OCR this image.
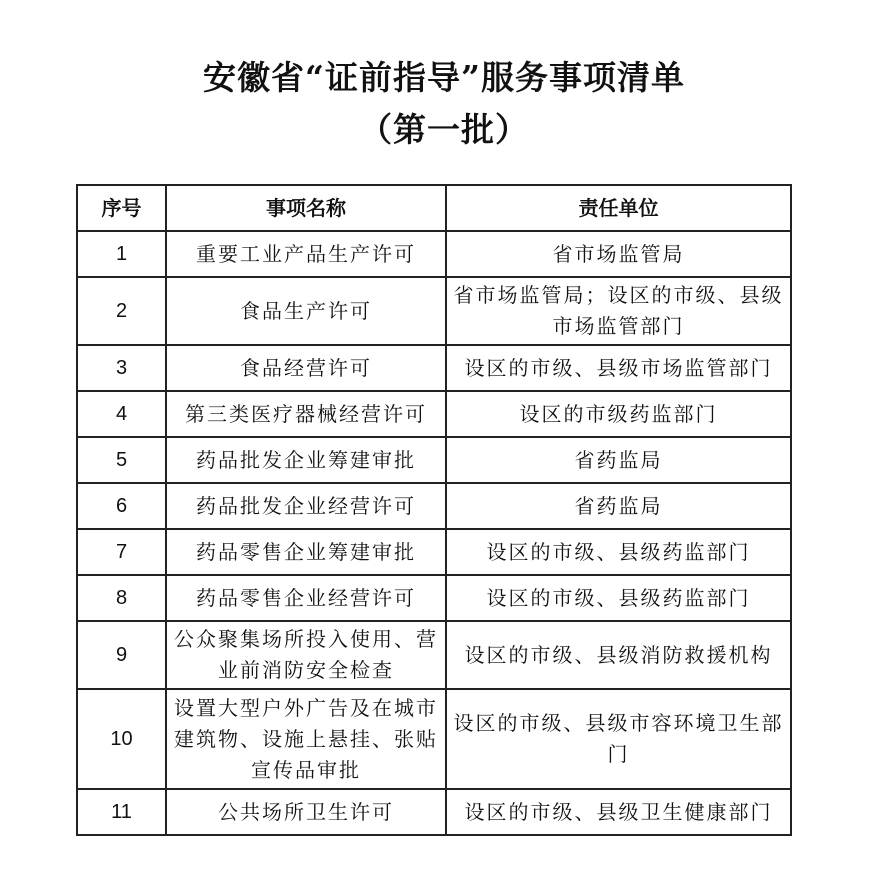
安徽省“证前指导”服务事项清单
（第一批）
序号	事项名称	责任单位
1	重要工业产品生产许可	省市场监管局
2	食品生产许可	省市场监管局；设区的市级、县级市场监管部门
3	食品经营许可	设区的市级、县级市场监管部门
4	第三类医疗器械经营许可	设区的市级药监部门
5	药品批发企业筹建审批	省药监局
6	药品批发企业经营许可	省药监局
7	药品零售企业筹建审批	设区的市级、县级药监部门
8	药品零售企业经营许可	设区的市级、县级药监部门
9	公众聚集场所投入使用、营业前消防安全检查	设区的市级、县级消防救援机构
10	设置大型户外广告及在城市建筑物、设施上悬挂、张贴宣传品审批	设区的市级、县级市容环境卫生部门
11	公共场所卫生许可	设区的市级、县级卫生健康部门
